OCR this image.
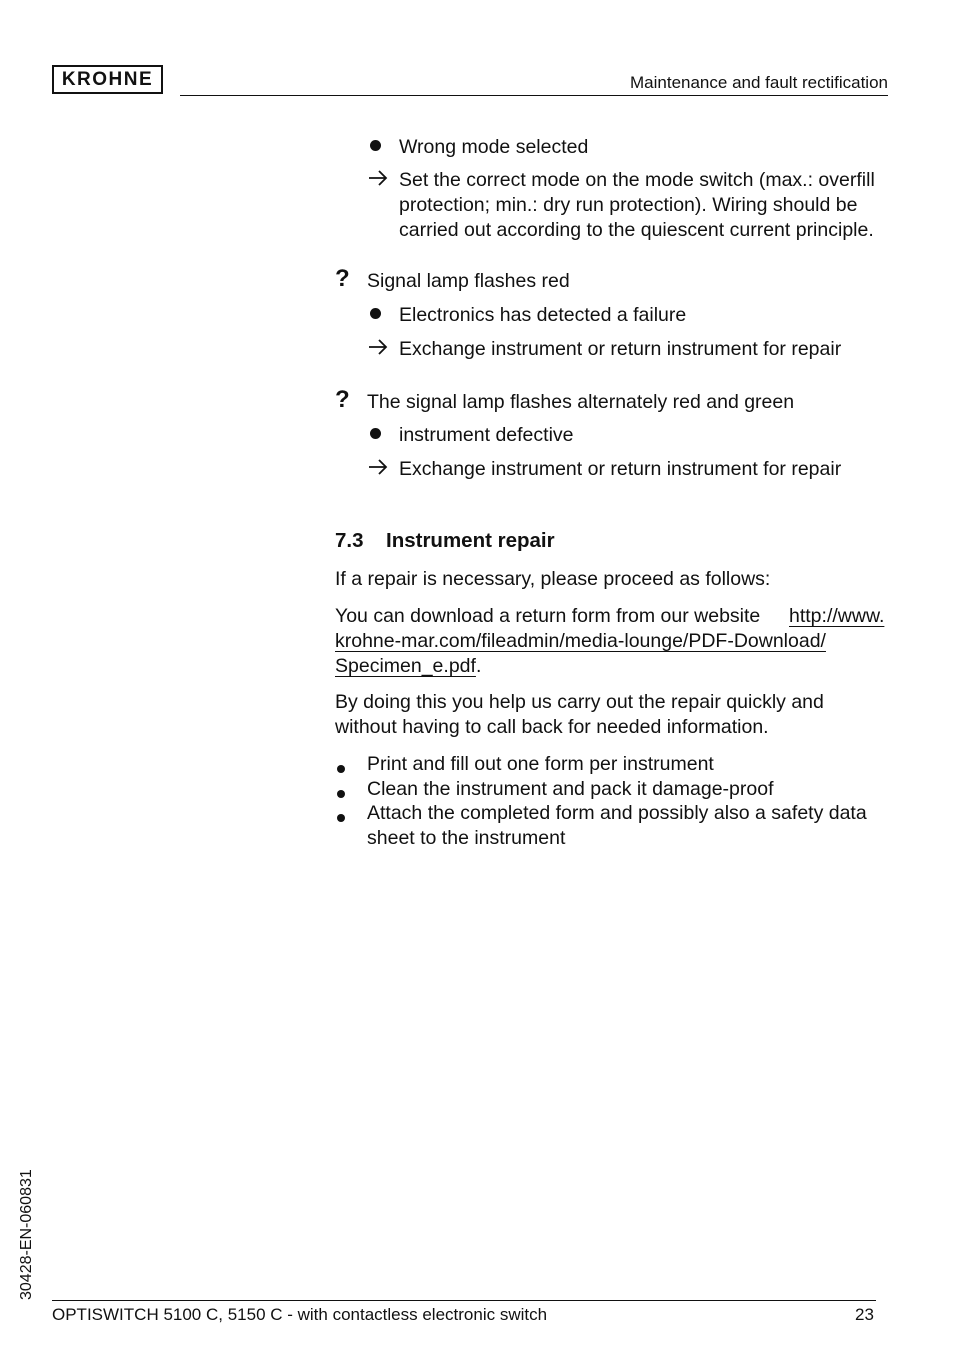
KROHNE	Maintenance and fault rectification
Wrong mode selected
Set the correct mode on the mode switch (max.: overfill
protection; min.: dry run protection). Wiring should be
carried out according to the quiescent current principle.
? Signal lamp flashes red
Electronics has detected a failure
Exchange instrument or return instrument for repair
? The signal lamp flashes alternately red and green
instrument defective
Exchange instrument or return instrument for repair
7.3 Instrument repair
If a repair is necessary, please proceed as follows:
You can download a return form from our website http://www.
krohne-mar.com/fileadmin/media-lounge/PDF-Download/
Specimen_e.pdf.
By doing this you help us carry out the repair quickly and
without having to call back for needed information.
Print and fill out one form per instrument
Clean the instrument and pack it damage-proof
Attach the completed form and possibly also a safety data
sheet to the instrument
30428-EN-060831
OPTISWITCH 5100 C, 5150 C - with contactless electronic switch	23
